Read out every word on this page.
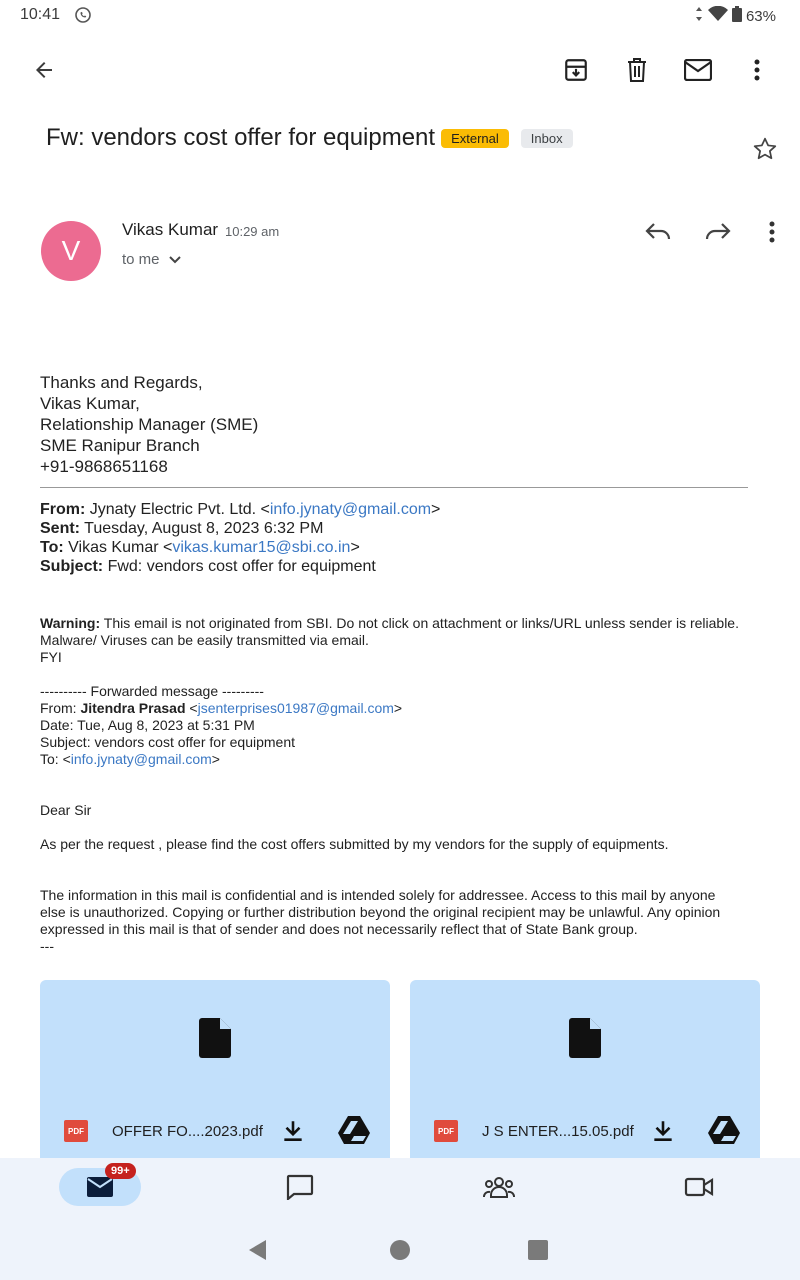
10:41	63%
Fw: vendors cost offer for equipment	External	Inbox
V
Vikas Kumar 10:29 am
to me
Thanks and Regards,
Vikas Kumar,
Relationship Manager (SME)
SME Ranipur Branch
+91-9868651168
From: Jynaty Electric Pvt. Ltd. <info.jynaty@gmail.com>
Sent: Tuesday, August 8, 2023 6:32 PM
To: Vikas Kumar <vikas.kumar15@sbi.co.in>
Subject: Fwd: vendors cost offer for equipment
Warning: This email is not originated from SBI. Do not click on attachment or links/URL unless sender is reliable.
Malware/ Viruses can be easily transmitted via email.
FYI
---------- Forwarded message ---------
From: Jitendra Prasad <jsenterprises01987@gmail.com>
Date: Tue, Aug 8, 2023 at 5:31 PM
Subject: vendors cost offer for equipment
To: <info.jynaty@gmail.com>
Dear Sir
As per the request , please find the cost offers submitted by my vendors for the supply of equipments.
The information in this mail is confidential and is intended solely for addressee. Access to this mail by anyone
else is unauthorized. Copying or further distribution beyond the original recipient may be unlawful. Any opinion
expressed in this mail is that of sender and does not necessarily reflect that of State Bank group.
---
PDF OFFER FO....2023.pdf	PDF J S ENTER...15.05.pdf
99+
